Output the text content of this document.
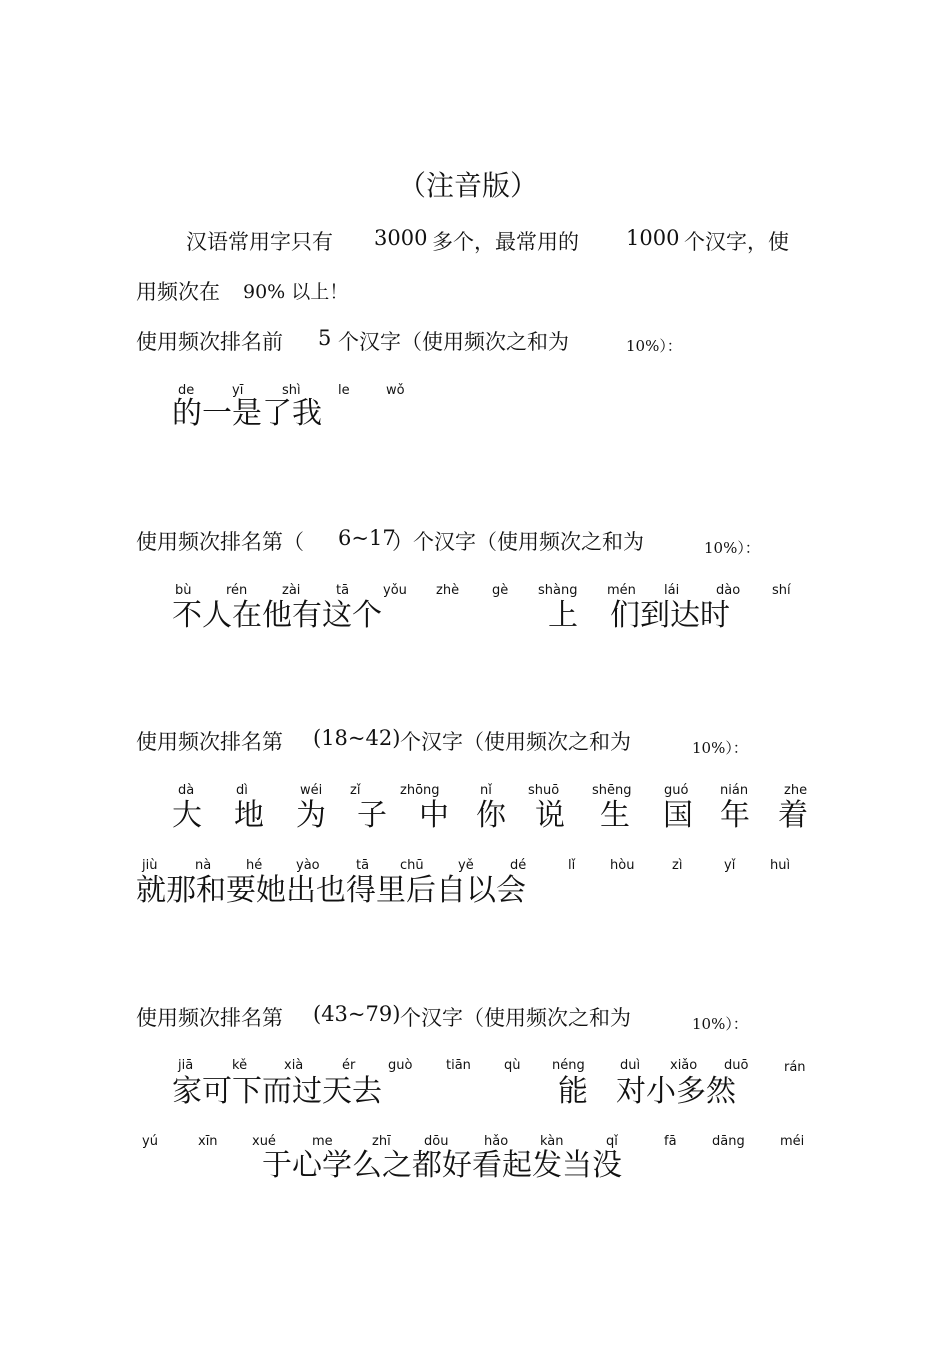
（注音版）
汉语常用字只有 3000 多个，最常用的 1000 个汉字，使
用频次在 90% 以上！
使用频次排名前 5 个汉字（使用频次之和为	10%）：
de	yī	shì	le	wǒ
的一是了我
使用频次排名第（ 6~17
）个汉字（使用频次之和为	10%）：
bù	rén	zài	tā	yǒu zhè	gè shàng mén lái	dào shí
不人在他有这个	上 们到达时
使用频次排名第 (18~42) 个汉字（使用频次之和为	10%）：
dà	dì	wéi zǐ	zhōng	nǐ	shuō	shēng guó nián	zhe
大 地 为 子 中 你 说 生 国 年 着
jiù	nà	hé	yào	tā chū	yě	dé	lǐ	hòu	zì	yǐ	huì
就那和要她出也得里后自以会
使用频次排名第 (43~79) 个汉字（使用频次之和为	10%）：
jiā	kě	xià	ér	guò	tiān	qù néng	duì xiǎo duō	rán
家可下而过天去	能 对小多然
yú	xīn	xué	me	zhī	dōu	hǎo kàn	qǐ	fā	dāng	méi
于心学么之都好看起发当没
